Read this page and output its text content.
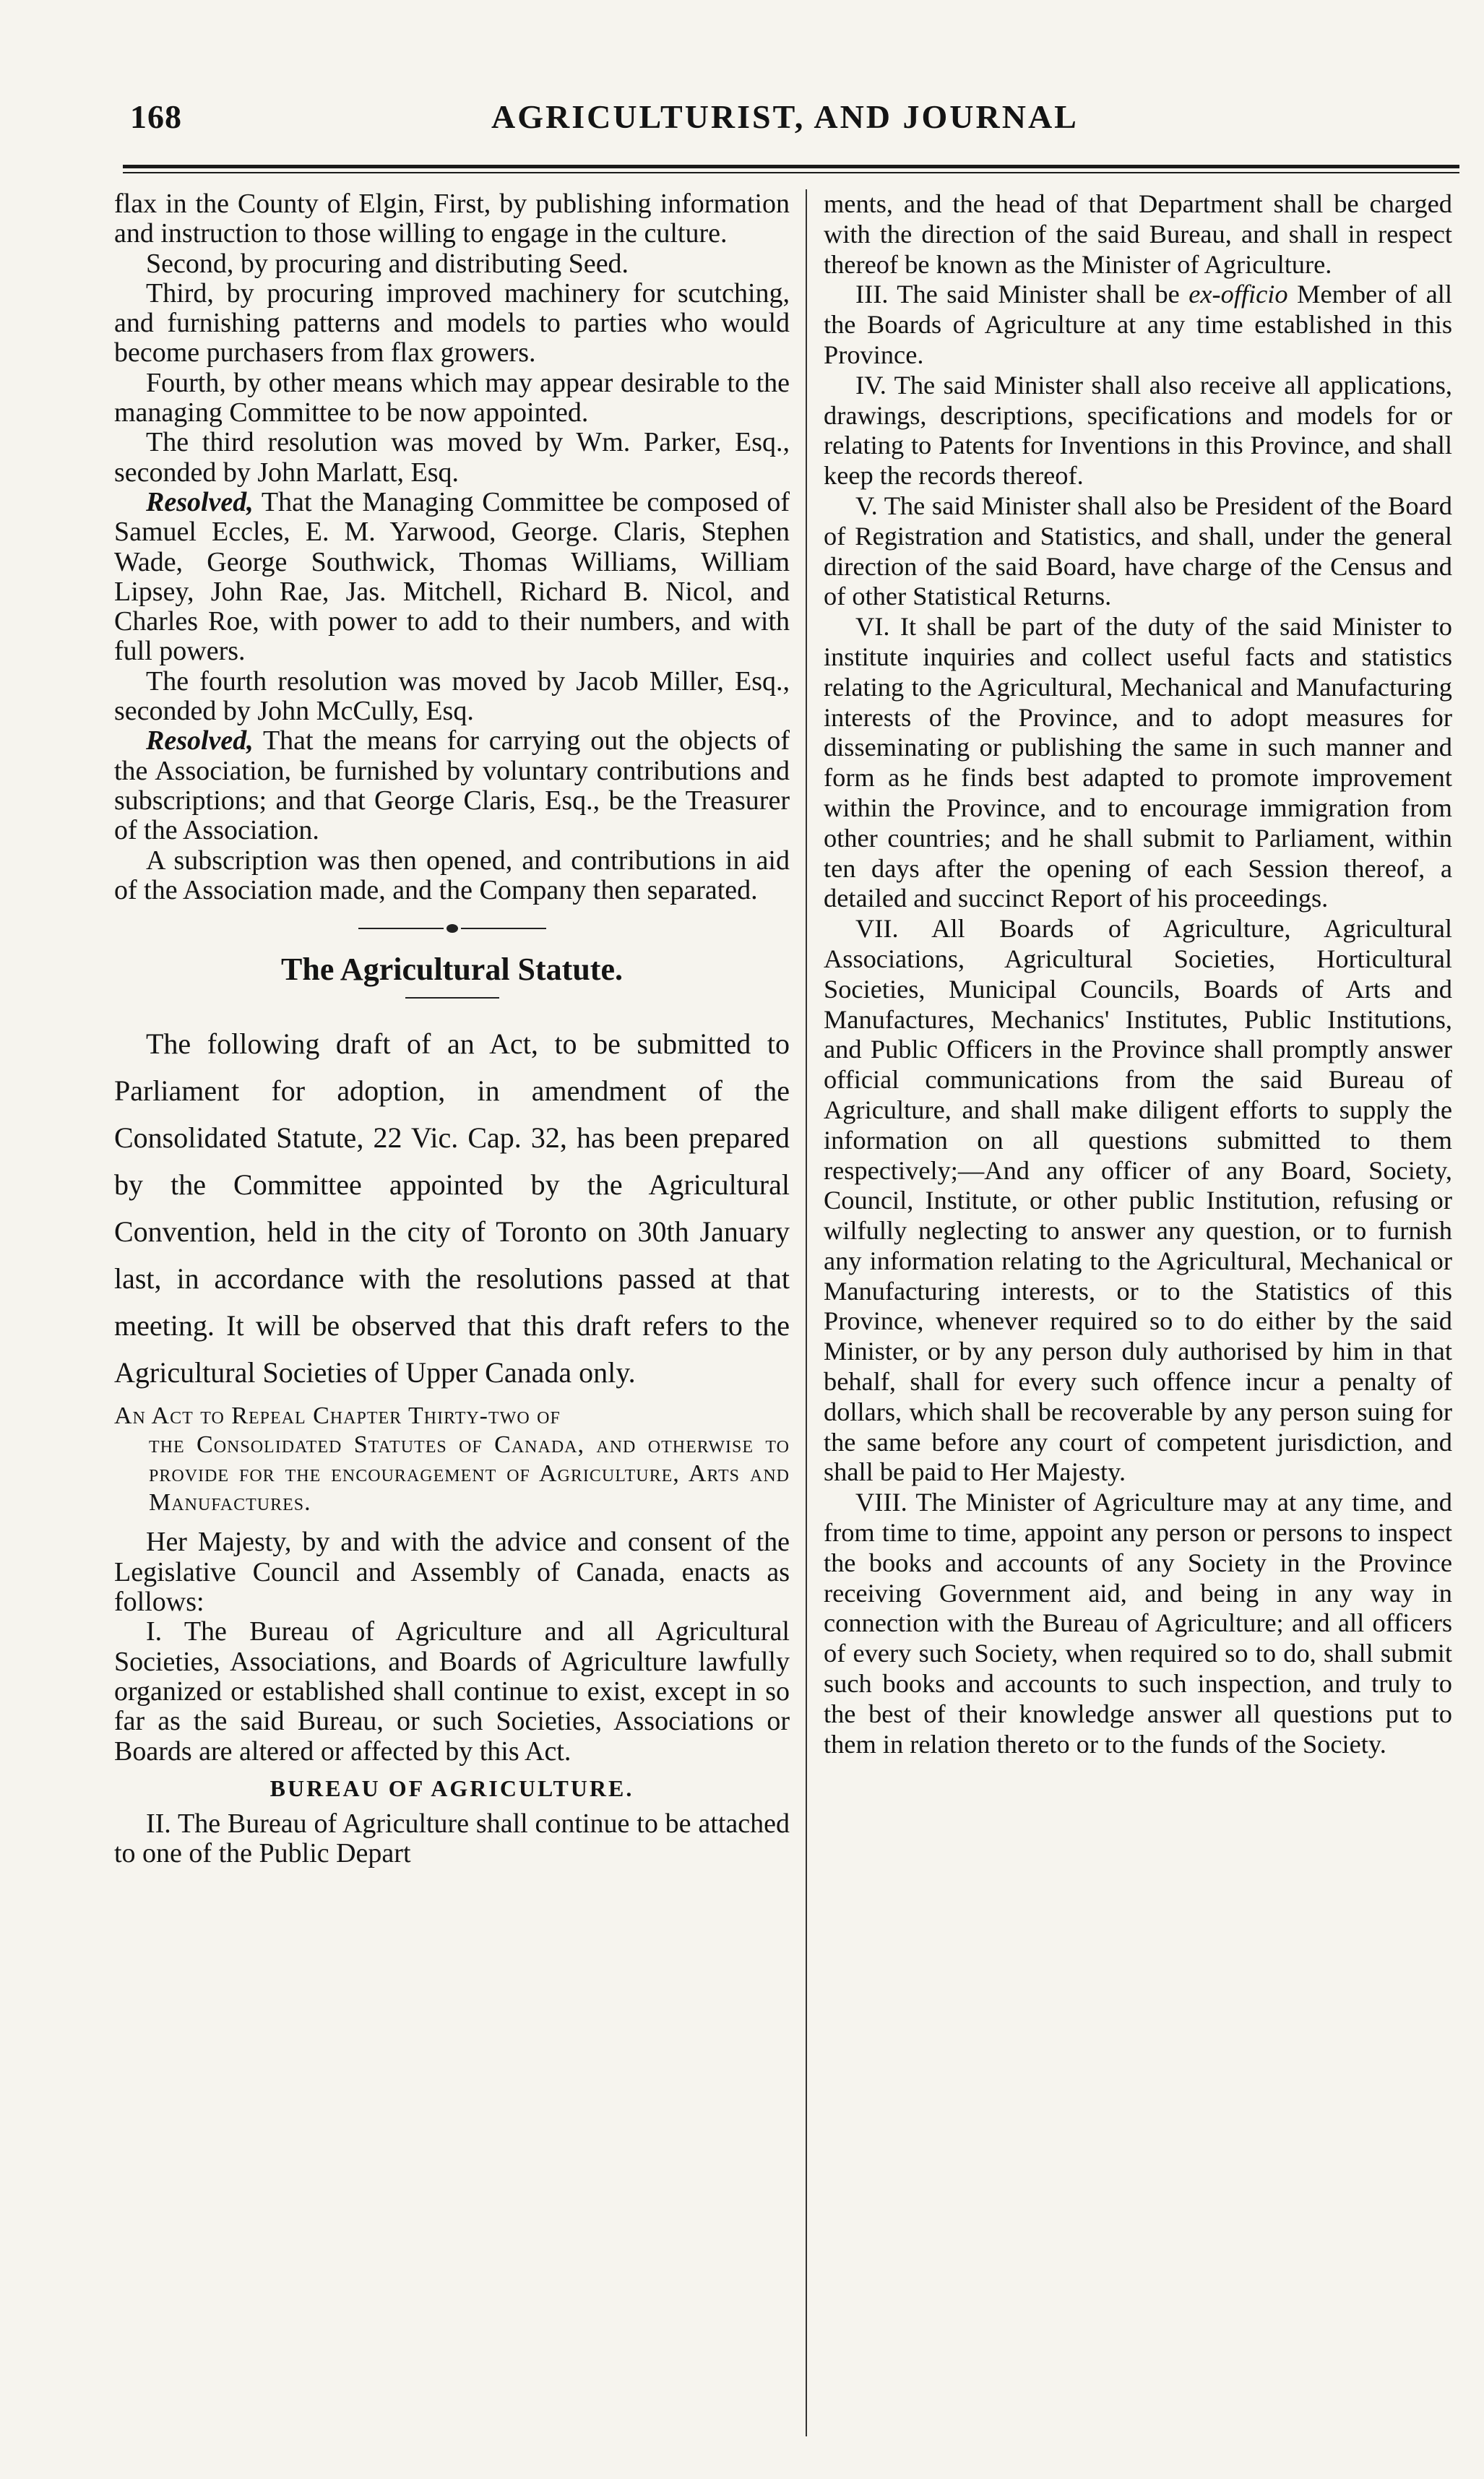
168	AGRICULTURIST, AND JOURNAL

flax in the County of Elgin, First, by publishing information and instruction to those willing to engage in the culture.

Second, by procuring and distributing Seed.

Third, by procuring improved machinery for scutching, and furnishing patterns and models to parties who would become purchasers from flax growers.

Fourth, by other means which may appear desirable to the managing Committee to be now appointed.

The third resolution was moved by Wm. Parker, Esq., seconded by John Marlatt, Esq.

Resolved, That the Managing Committee be composed of Samuel Eccles, E. M. Yarwood, George. Claris, Stephen Wade, George Southwick, Thomas Williams, William Lipsey, John Rae, Jas. Mitchell, Richard B. Nicol, and Charles Roe, with power to add to their numbers, and with full powers.

The fourth resolution was moved by Jacob Miller, Esq., seconded by John McCully, Esq.

Resolved, That the means for carrying out the objects of the Association, be furnished by voluntary contributions and subscriptions; and that George Claris, Esq., be the Treasurer of the Association.

A subscription was then opened, and contributions in aid of the Association made, and the Company then separated.

The Agricultural Statute.

The following draft of an Act, to be submitted to Parliament for adoption, in amendment of the Consolidated Statute, 22 Vic. Cap. 32, has been prepared by the Committee appointed by the Agricultural Convention, held in the city of Toronto on 30th January last, in accordance with the resolutions passed at that meeting. It will be observed that this draft refers to the Agricultural Societies of Upper Canada only.

An Act to Repeal Chapter Thirty-two of
the Consolidated Statutes of Canada, and otherwise to provide for the encouragement of Agriculture, Arts and Manufactures.

Her Majesty, by and with the advice and consent of the Legislative Council and Assembly of Canada, enacts as follows:

I. The Bureau of Agriculture and all Agricultural Societies, Associations, and Boards of Agriculture lawfully organized or established shall continue to exist, except in so far as the said Bureau, or such Societies, Associations or Boards are altered or affected by this Act.

BUREAU OF AGRICULTURE.

II. The Bureau of Agriculture shall continue to be attached to one of the Public Depart

ments, and the head of that Department shall be charged with the direction of the said Bureau, and shall in respect thereof be known as the Minister of Agriculture.

III. The said Minister shall be ex-officio Member of all the Boards of Agriculture at any time established in this Province.

IV. The said Minister shall also receive all applications, drawings, descriptions, specifications and models for or relating to Patents for Inventions in this Province, and shall keep the records thereof.

V. The said Minister shall also be President of the Board of Registration and Statistics, and shall, under the general direction of the said Board, have charge of the Census and of other Statistical Returns.

VI. It shall be part of the duty of the said Minister to institute inquiries and collect useful facts and statistics relating to the Agricultural, Mechanical and Manufacturing interests of the Province, and to adopt measures for disseminating or publishing the same in such manner and form as he finds best adapted to promote improvement within the Province, and to encourage immigration from other countries; and he shall submit to Parliament, within ten days after the opening of each Session thereof, a detailed and succinct Report of his proceedings.

VII. All Boards of Agriculture, Agricultural Associations, Agricultural Societies, Horticultural Societies, Municipal Councils, Boards of Arts and Manufactures, Mechanics' Institutes, Public Institutions, and Public Officers in the Province shall promptly answer official communications from the said Bureau of Agriculture, and shall make diligent efforts to supply the information on all questions submitted to them respectively;—And any officer of any Board, Society, Council, Institute, or other public Institution, refusing or wilfully neglecting to answer any question, or to furnish any information relating to the Agricultural, Mechanical or Manufacturing interests, or to the Statistics of this Province, whenever required so to do either by the said Minister, or by any person duly authorised by him in that behalf, shall for every such offence incur a penalty of dollars, which shall be recoverable by any person suing for the same before any court of competent jurisdiction, and shall be paid to Her Majesty.

VIII. The Minister of Agriculture may at any time, and from time to time, appoint any person or persons to inspect the books and accounts of any Society in the Province receiving Government aid, and being in any way in connection with the Bureau of Agriculture; and all officers of every such Society, when required so to do, shall submit such books and accounts to such inspection, and truly to the best of their knowledge answer all questions put to them in relation thereto or to the funds of the Society.
